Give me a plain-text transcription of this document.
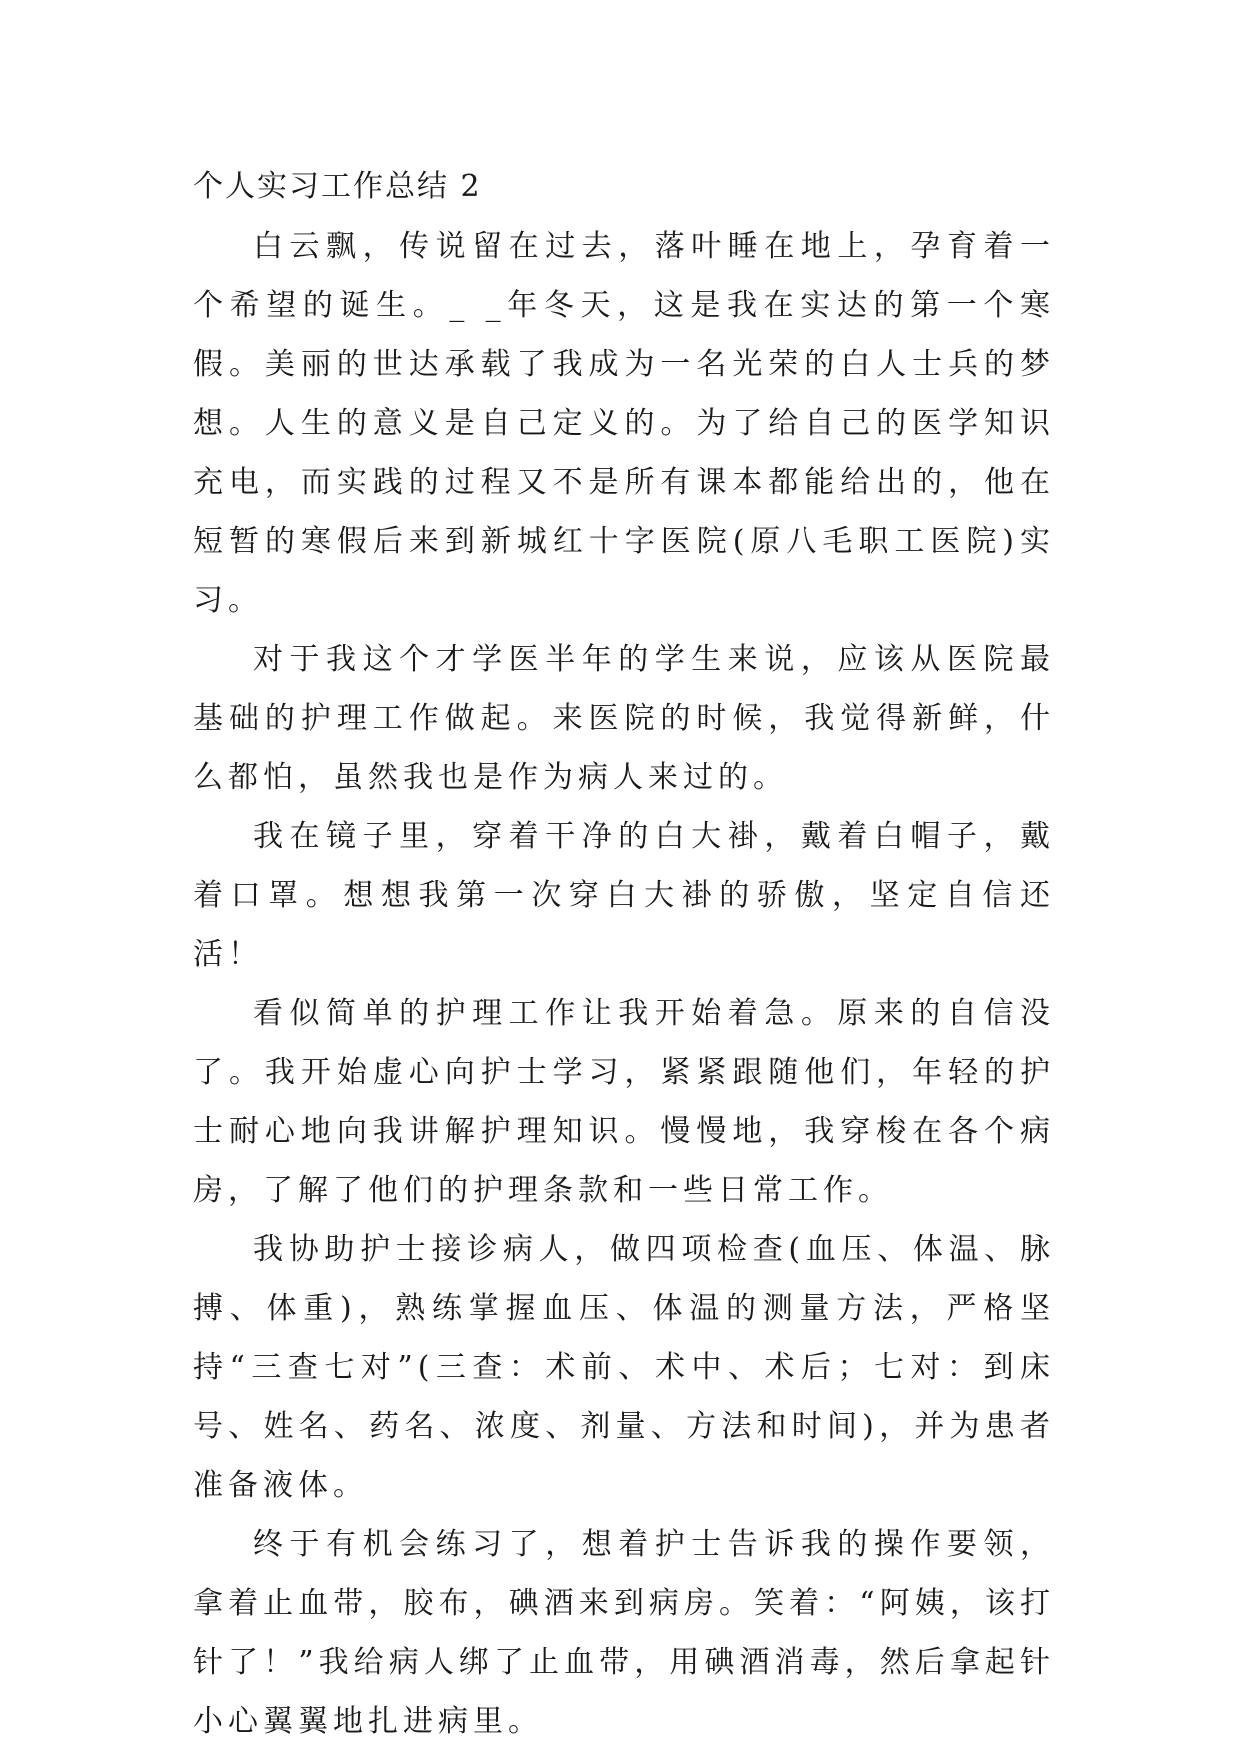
个人实习工作总结 2

白云飘，传说留在过去，落叶睡在地上，孕育着一个希望的诞生。_ _年冬天，这是我在实达的第一个寒假。美丽的世达承载了我成为一名光荣的白人士兵的梦想。人生的意义是自己定义的。为了给自己的医学知识充电，而实践的过程又不是所有课本都能给出的，他在短暂的寒假后来到新城红十字医院(原八毛职工医院)实习。

对于我这个才学医半年的学生来说，应该从医院最基础的护理工作做起。来医院的时候，我觉得新鲜，什么都怕，虽然我也是作为病人来过的。

我在镜子里，穿着干净的白大褂，戴着白帽子，戴着口罩。想想我第一次穿白大褂的骄傲，坚定自信还活！

看似简单的护理工作让我开始着急。原来的自信没了。我开始虚心向护士学习，紧紧跟随他们，年轻的护士耐心地向我讲解护理知识。慢慢地，我穿梭在各个病房，了解了他们的护理条款和一些日常工作。

我协助护士接诊病人，做四项检查(血压、体温、脉搏、体重)，熟练掌握血压、体温的测量方法，严格坚持“三查七对”(三查：术前、术中、术后；七对：到床号、姓名、药名、浓度、剂量、方法和时间)，并为患者准备液体。

终于有机会练习了，想着护士告诉我的操作要领，拿着止血带，胶布，碘酒来到病房。笑着：“阿姨，该打针了！”我给病人绑了止血带，用碘酒消毒，然后拿起针小心翼翼地扎进病里。
